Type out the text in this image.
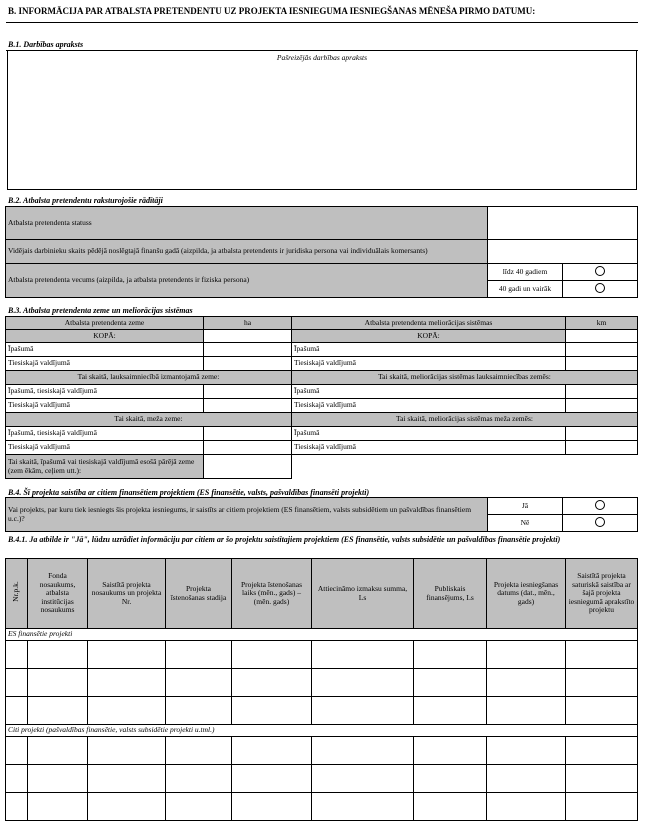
B. INFORMĀCIJA PAR ATBALSTA PRETENDENTU UZ PROJEKTA IESNIEGUMA IESNIEGŠANAS MĒNEŠA PIRMO DATUMU:
B.1. Darbības apraksts
Pašreizējās darbības apraksts
B.2. Atbalsta pretendentu raksturojošie rādītāji
Atbalsta pretendenta statuss		
Vidējais darbinieku skaits pēdējā noslēgtajā finanšu gadā (aizpilda, ja atbalsta pretendents ir juridiska persona vai individuālais komersants)		
Atbalsta pretendenta vecums (aizpilda, ja atbalsta pretendents ir fiziska persona)	līdz 40 gadiem	
	40 gadi un vairāk	
B.3. Atbalsta pretendenta zeme un meliorācijas sistēmas
Atbalsta pretendenta zeme	ha	Atbalsta pretendenta meliorācijas sistēmas	km
KOPĀ:		KOPĀ:	
Īpašumā		Īpašumā	
Tiesiskajā valdījumā		Tiesiskajā valdījumā	
Tai skaitā, lauksaimniecībā izmantojamā zeme:		Tai skaitā, meliorācijas sistēmas lauksaimniecības zemēs:	
Īpašumā, tiesiskajā valdījumā		Īpašumā	
Tiesiskajā valdījumā		Tiesiskajā valdījumā	
Tai skaitā, meža zeme:		Tai skaitā, meliorācijas sistēmas meža zemēs:	
Īpašumā, tiesiskajā valdījumā		Īpašumā	
Tiesiskajā valdījumā		Tiesiskajā valdījumā	
Tai skaitā, īpašumā vai tiesiskajā valdījumā esošā pārējā zeme (zem ēkām, ceļiem utt.):			
B.4. Šī projekta saistība ar citiem finansētiem projektiem (ES finansētie, valsts, pašvaldības finansēti projekti)
Vai projekts, par kuru tiek iesniegts šis projekta iesniegums, ir saistīts ar citiem projektiem (ES finansētiem, valsts subsidētiem un pašvaldības finansētiem u.c.)?	Jā	
	Nē	
B.4.1. Ja atbilde ir "Jā", lūdzu uzrādiet informāciju par citiem ar šo projektu saistītajiem projektiem (ES finansētie, valsts subsidētie un pašvaldības finansētie projekti)
Nr.p.k.	Fonda nosaukums, atbalsta institūcijas nosaukums	Saistītā projekta nosaukums un projekta Nr.	Projekta īstenošanas stadija	Projekta īstenošanas laiks (mēn., gads) – (mēn. gads)	Attiecināmo izmaksu summa, Ls	Publiskais finansējums, Ls	Projekta iesniegšanas datums (dat., mēn., gads)	Saistītā projekta saturiskā saistība ar šajā projekta iesniegumā aprakstīto projektu
ES finansētie projekti								

Citi projekti (pašvaldības finansētie, valsts subsidētie projekti u.tml.)								
